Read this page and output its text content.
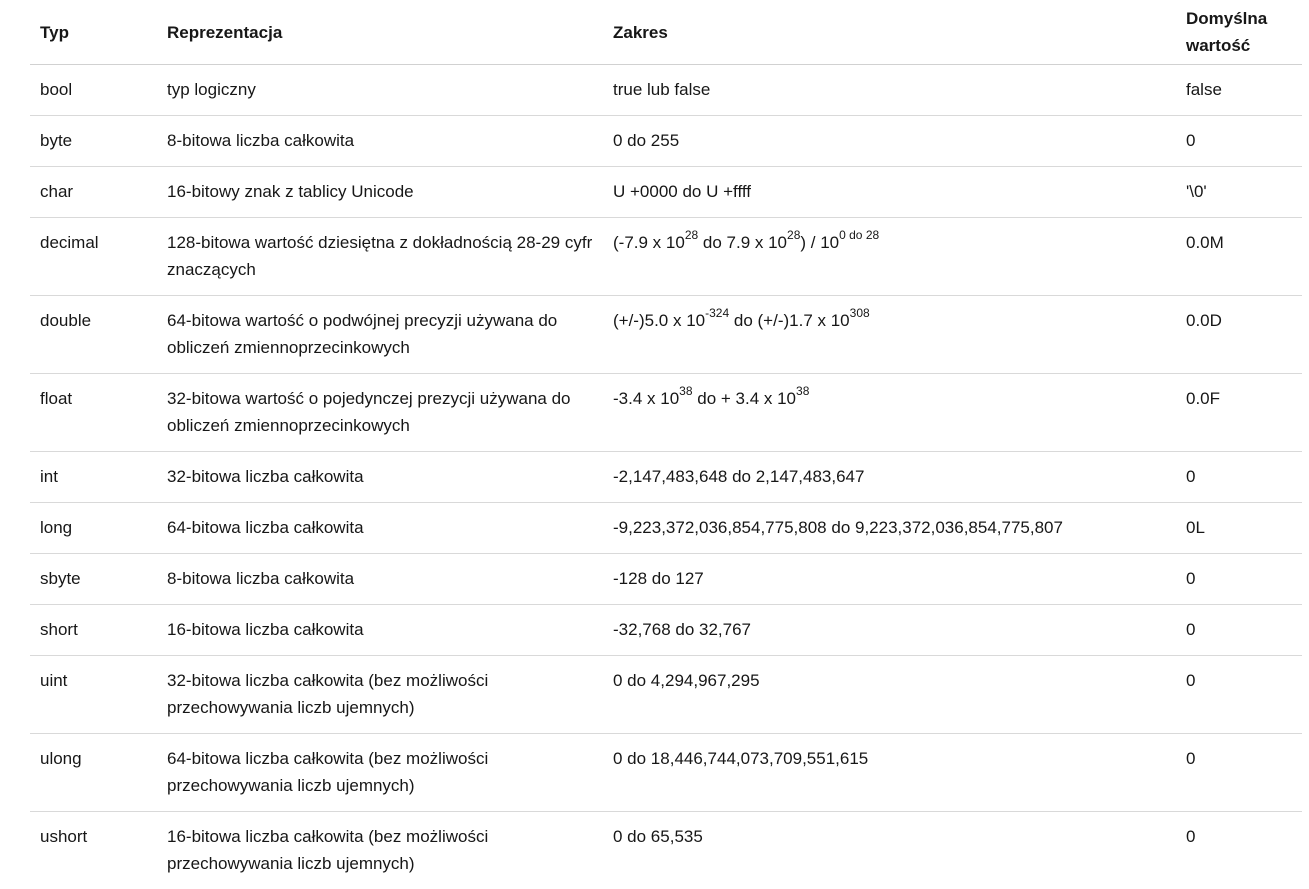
Typ	Reprezentacja	Zakres	Domyślna
wartość
bool	typ logiczny	true lub false	false
byte	8-bitowa liczba całkowita	0 do 255	0
char	16-bitowy znak z tablicy Unicode	U +0000 do U +ffff	'\0'
decimal	128-bitowa wartość dziesiętna z dokładnością 28-29 cyfr znaczących	(-7.9 x $10^{28}$ do 7.9 x $10^{28}) / 10^{0 do 28}$	0.0M
double	64-bitowa wartość o podwójnej precyzji używana do obliczeń zmiennoprzecinkowych	(+/-)5.0 x $10^{-324}$ do (+/-)1.7 x $10^{308}$	0.0D
float	32-bitowa wartość o pojedynczej prezycji używana do obliczeń zmiennoprzecinkowych	-3.4 x $10^{38}$ do + 3.4 x $10^{38}$	0.0F
int	32-bitowa liczba całkowita	-2,147,483,648 do 2,147,483,647	0
long	64-bitowa liczba całkowita	-9,223,372,036,854,775,808 do 9,223,372,036,854,775,807	0L
sbyte	8-bitowa liczba całkowita	-128 do 127	0
short	16-bitowa liczba całkowita	-32,768 do 32,767	0
uint	32-bitowa liczba całkowita (bez możliwości przechowywania liczb ujemnych)	0 do 4,294,967,295	0
ulong	64-bitowa liczba całkowita (bez możliwości przechowywania liczb ujemnych)	0 do 18,446,744,073,709,551,615	0
ushort	16-bitowa liczba całkowita (bez możliwości przechowywania liczb ujemnych)	0 do 65,535	0
